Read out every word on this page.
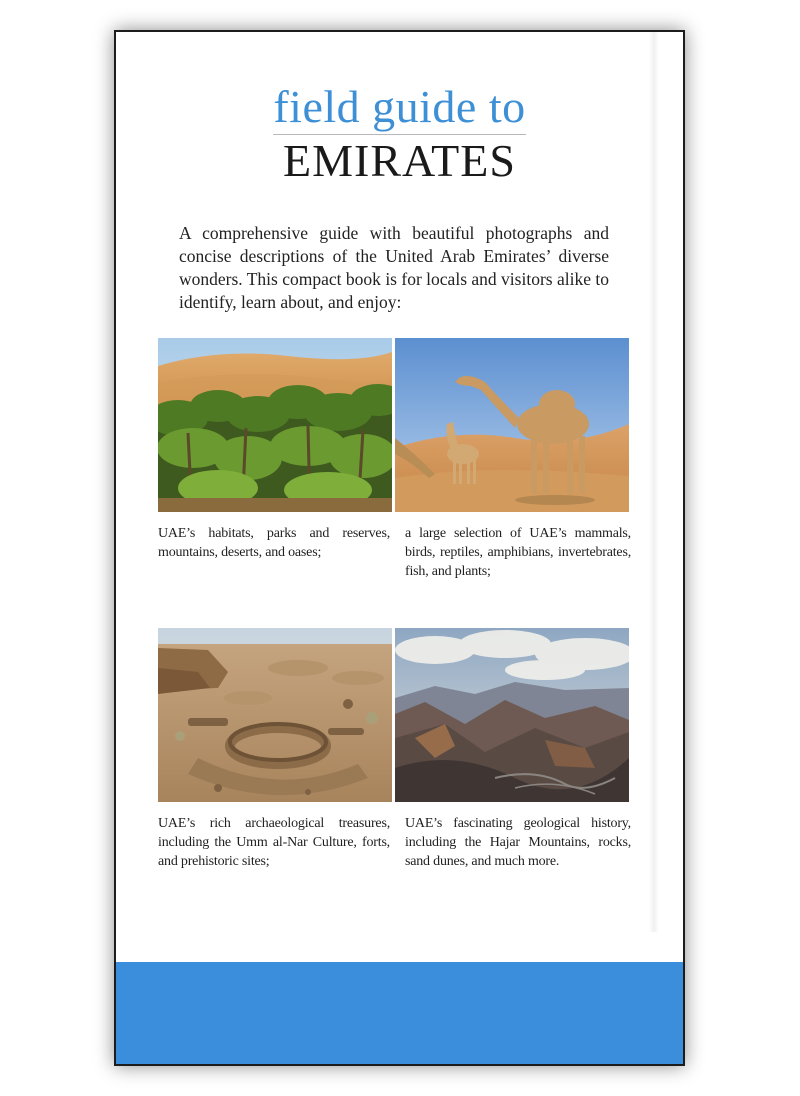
field guide to
EMIRATES
A comprehensive guide with beautiful photographs and concise descriptions of the United Arab Emirates’ diverse wonders. This compact book is for locals and visitors alike to identify, learn about, and enjoy:
UAE’s habitats, parks and reserves, mountains, deserts, and oases;
a large selection of UAE’s mammals, birds, reptiles, amphibians, invertebrates, fish, and plants;
UAE’s rich archaeological treasures, including the Umm al-Nar Culture, forts, and prehistoric sites;
UAE’s fascinating geological history, including the Hajar Mountains, rocks, sand dunes, and much more.
